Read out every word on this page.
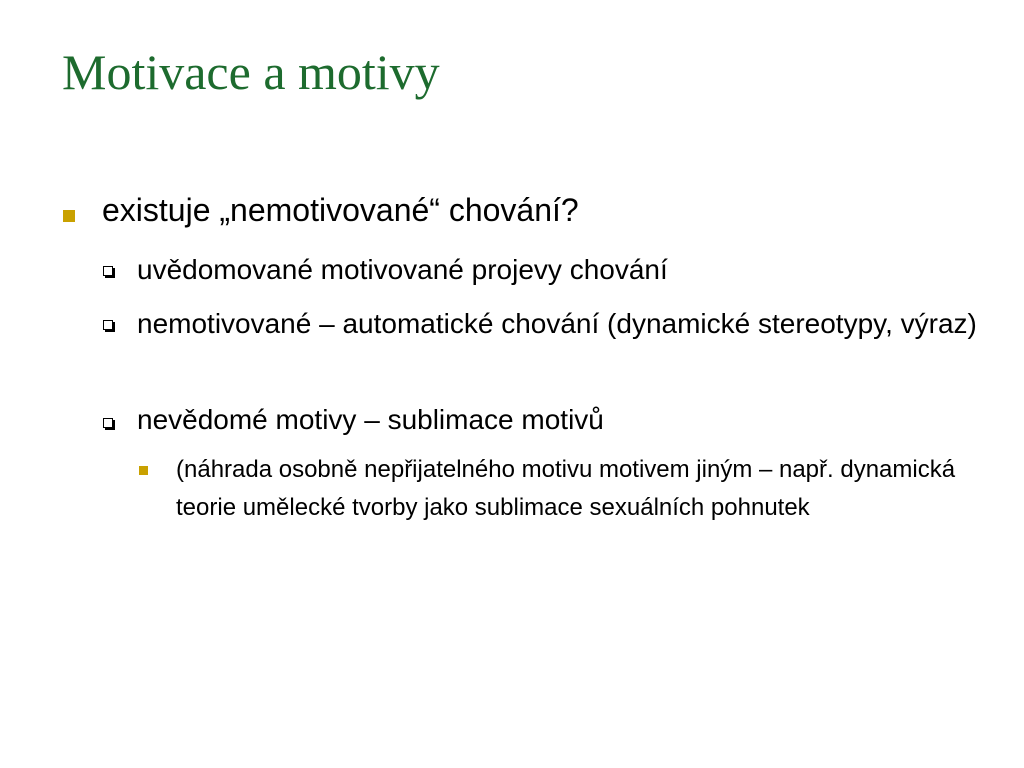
Motivace a motivy
existuje „nemotivované“ chování?
uvědomované motivované projevy chování
nemotivované – automatické chování (dynamické stereotypy, výraz)
nevědomé motivy – sublimace motivů
(náhrada osobně nepřijatelného motivu motivem jiným – např. dynamická teorie umělecké tvorby jako sublimace sexuálních pohnutek
